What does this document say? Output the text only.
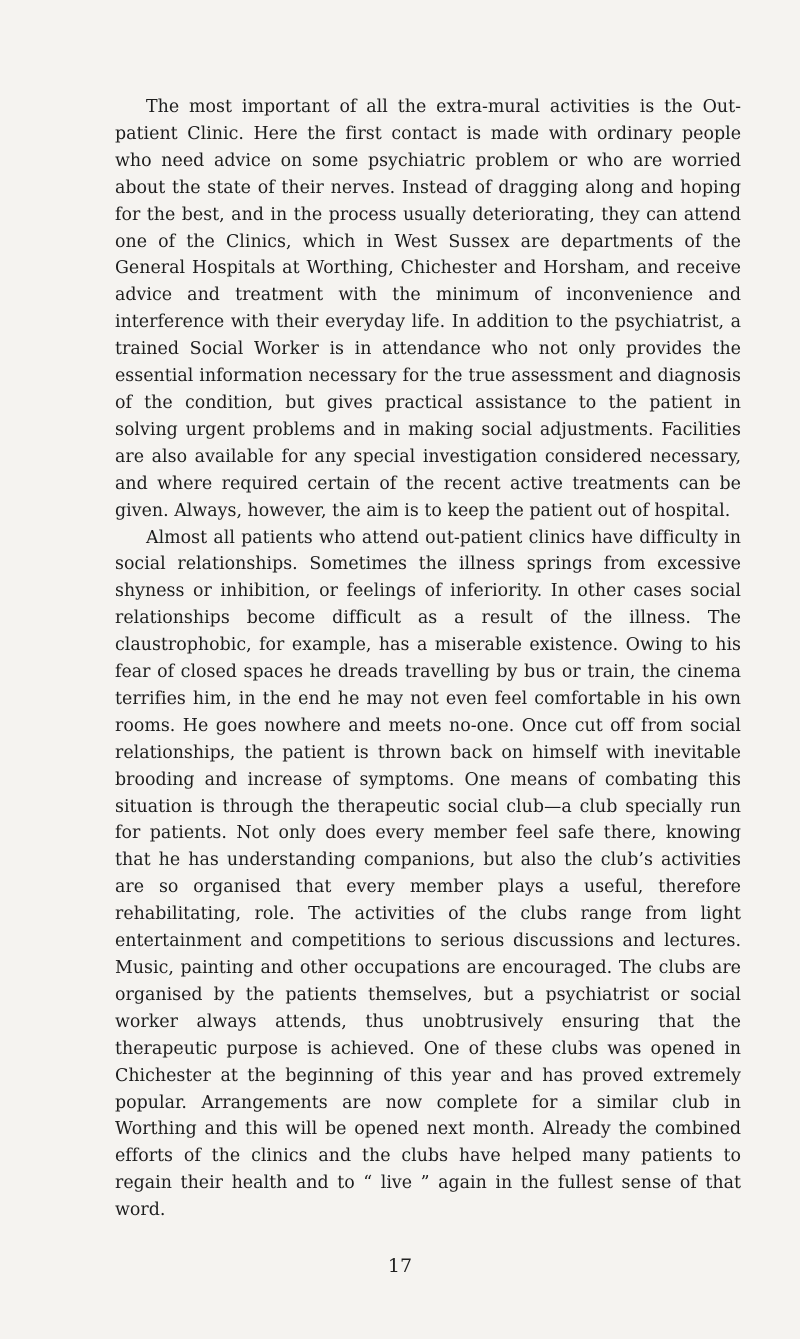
The most important of all the extra-mural activities is the Out-patient Clinic. Here the first contact is made with ordinary people who need advice on some psychiatric problem or who are worried about the state of their nerves. Instead of dragging along and hoping for the best, and in the process usually deteriorating, they can attend one of the Clinics, which in West Sussex are departments of the General Hospitals at Worthing, Chichester and Horsham, and receive advice and treatment with the minimum of inconvenience and interference with their everyday life. In addition to the psychiatrist, a trained Social Worker is in attendance who not only provides the essential information necessary for the true assessment and diagnosis of the condition, but gives practical assistance to the patient in solving urgent problems and in making social adjustments. Facilities are also available for any special investigation considered necessary, and where required certain of the recent active treatments can be given. Always, however, the aim is to keep the patient out of hospital.

Almost all patients who attend out-patient clinics have difficulty in social relationships. Sometimes the illness springs from excessive shyness or inhibition, or feelings of inferiority. In other cases social relationships become difficult as a result of the illness. The claustrophobic, for example, has a miserable existence. Owing to his fear of closed spaces he dreads travelling by bus or train, the cinema terrifies him, in the end he may not even feel comfortable in his own rooms. He goes nowhere and meets no-one. Once cut off from social relationships, the patient is thrown back on himself with inevitable brooding and increase of symptoms. One means of combating this situation is through the therapeutic social club—a club specially run for patients. Not only does every member feel safe there, knowing that he has understanding companions, but also the club’s activities are so organised that every member plays a useful, therefore rehabilitating, role. The activities of the clubs range from light entertainment and competitions to serious discussions and lectures. Music, painting and other occupations are encouraged. The clubs are organised by the patients themselves, but a psychiatrist or social worker always attends, thus unobtrusively ensuring that the therapeutic purpose is achieved. One of these clubs was opened in Chichester at the beginning of this year and has proved extremely popular. Arrangements are now complete for a similar club in Worthing and this will be opened next month. Already the combined efforts of the clinics and the clubs have helped many patients to regain their health and to “ live ” again in the fullest sense of that word.

17
